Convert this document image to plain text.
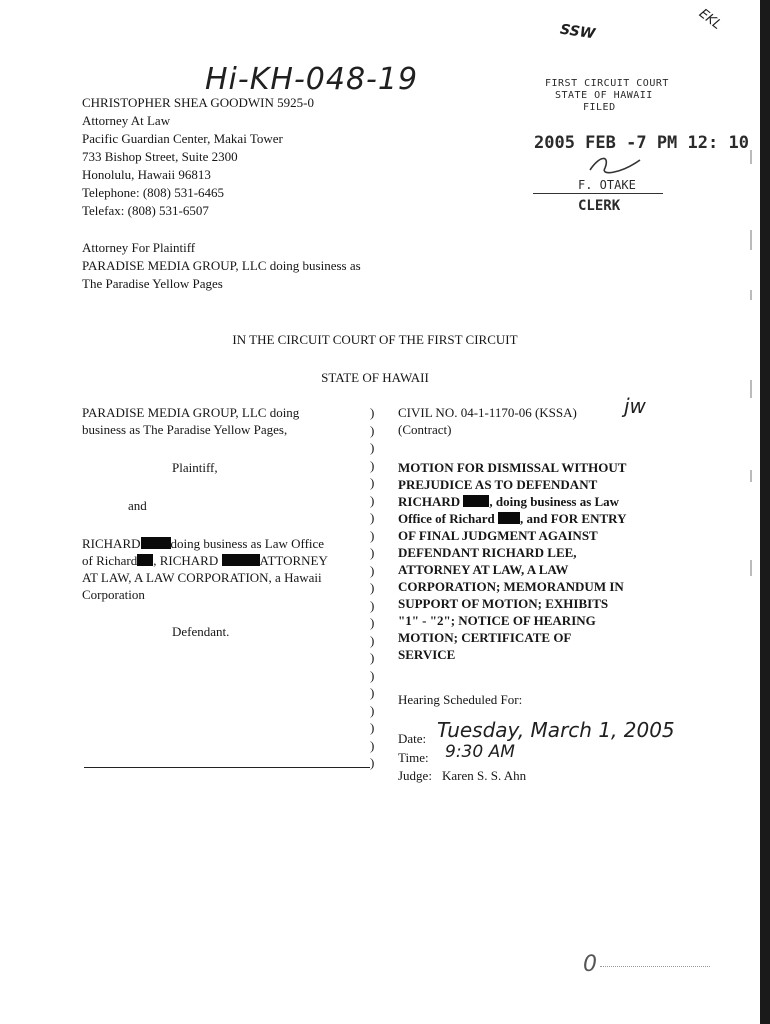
SSW	EKL
Hi-KH-048-19
CHRISTOPHER SHEA GOODWIN 5925-0
Attorney At Law
Pacific Guardian Center, Makai Tower
733 Bishop Street, Suite 2300
Honolulu, Hawaii 96813
Telephone: (808) 531-6465
Telefax: (808) 531-6507
Attorney For Plaintiff
PARADISE MEDIA GROUP, LLC doing business as
The Paradise Yellow Pages
FIRST CIRCUIT COURT
STATE OF HAWAII
FILED
2005 FEB -7 PM 12: 10
F. OTAKE
CLERK
IN THE CIRCUIT COURT OF THE FIRST CIRCUIT
STATE OF HAWAII
PARADISE MEDIA GROUP, LLC doing
business as The Paradise Yellow Pages,
Plaintiff,
and
RICHARD doing business as Law Office
of Richard , RICHARD	ATTORNEY
AT LAW, A LAW CORPORATION, a Hawaii
Corporation
Defendant.
)
)
)
)
)
)
)
)
)
)
)
)
)
)
)
)
)
)
)
)
)
CIVIL NO. 04-1-1170-06 (KSSA) jw
(Contract)
MOTION FOR DISMISSAL WITHOUT
PREJUDICE AS TO DEFENDANT
RICHARD , doing business as Law
Office of Richard , and FOR ENTRY
OF FINAL JUDGMENT AGAINST
DEFENDANT RICHARD LEE,
ATTORNEY AT LAW, A LAW
CORPORATION; MEMORANDUM IN
SUPPORT OF MOTION; EXHIBITS
"1" - "2"; NOTICE OF HEARING
MOTION; CERTIFICATE OF
SERVICE
Hearing Scheduled For:
Date: Tuesday, March 1, 2005
Time: 9:30 AM
Judge: Karen S. S. Ahn
0
